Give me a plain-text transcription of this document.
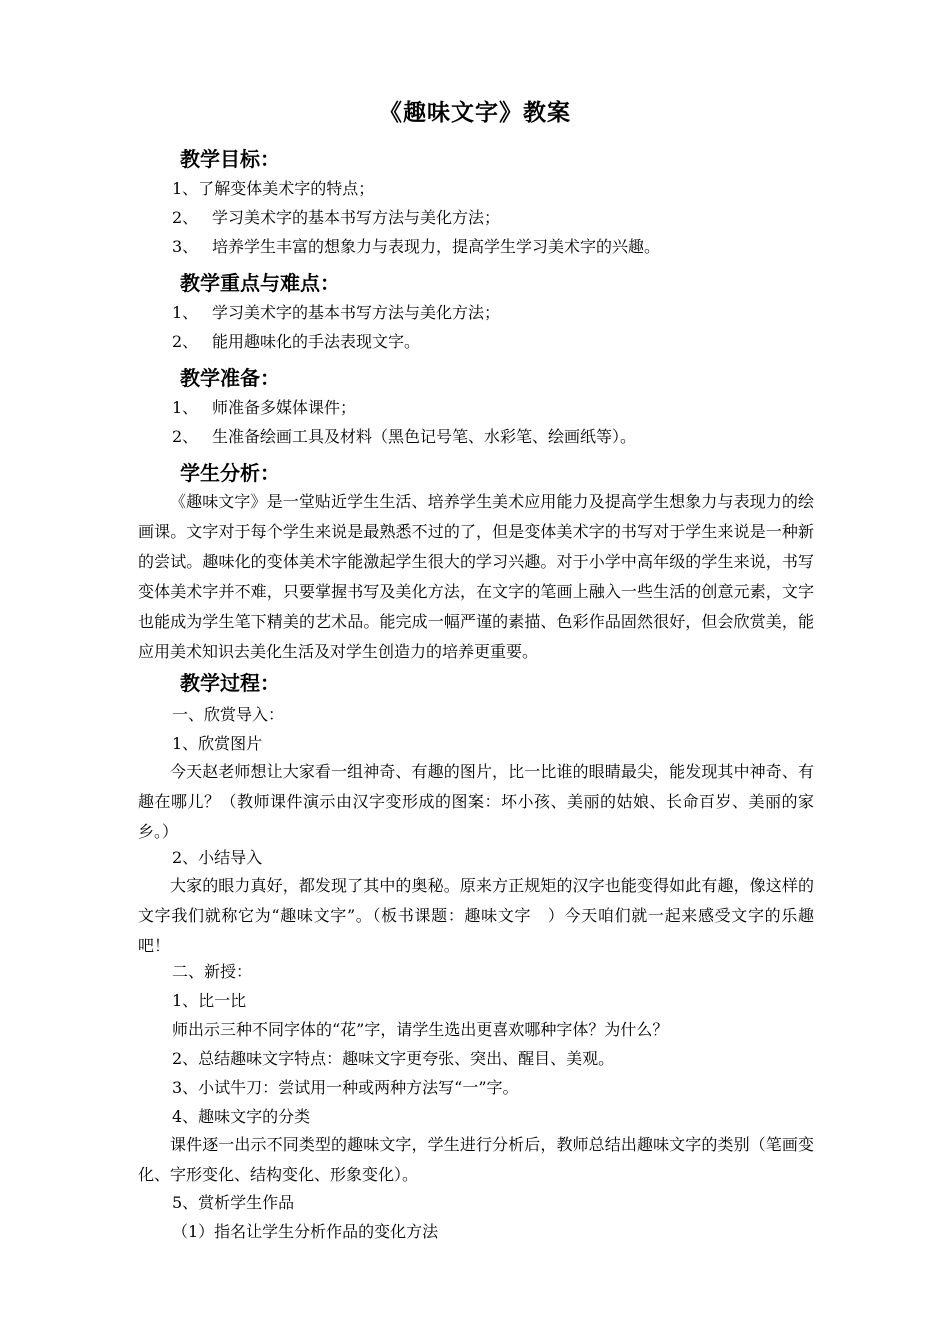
《趣味文字》教案
教学目标：
1、了解变体美术字的特点；
2、 学习美术字的基本书写方法与美化方法；
3、 培养学生丰富的想象力与表现力，提高学生学习美术字的兴趣。
教学重点与难点：
1、 学习美术字的基本书写方法与美化方法；
2、 能用趣味化的手法表现文字。
教学准备：
1、 师准备多媒体课件；
2、 生准备绘画工具及材料（黑色记号笔、水彩笔、绘画纸等）。
学生分析：

《趣味文字》是一堂贴近学生生活、培养学生美术应用能力及提高学生想象力与表现力的绘画课。文字对于每个学生来说是最熟悉不过的了，但是变体美术字的书写对于学生来说是一种新的尝试。趣味化的变体美术字能激起学生很大的学习兴趣。对于小学中高年级的学生来说，书写变体美术字并不难，只要掌握书写及美化方法，在文字的笔画上融入一些生活的创意元素，文字也能成为学生笔下精美的艺术品。能完成一幅严谨的素描、色彩作品固然很好，但会欣赏美，能应用美术知识去美化生活及对学生创造力的培养更重要。

教学过程：
一、欣赏导入：
1、欣赏图片

今天赵老师想让大家看一组神奇、有趣的图片，比一比谁的眼睛最尖，能发现其中神奇、有趣在哪儿？（教师课件演示由汉字变形成的图案：坏小孩、美丽的姑娘、长命百岁、美丽的家乡。）

2、小结导入

大家的眼力真好，都发现了其中的奥秘。原来方正规矩的汉字也能变得如此有趣，像这样的文字我们就称它为“趣味文字”。（板书课题：趣味文字　）今天咱们就一起来感受文字的乐趣吧！

二、新授：
1、比一比
师出示三种不同字体的“花”字，请学生选出更喜欢哪种字体？为什么？
2、总结趣味文字特点：趣味文字更夸张、突出、醒目、美观。
3、小试牛刀：尝试用一种或两种方法写“一”字。
4、趣味文字的分类

课件逐一出示不同类型的趣味文字，学生进行分析后，教师总结出趣味文字的类别（笔画变化、字形变化、结构变化、形象变化）。

5、赏析学生作品
（1）指名让学生分析作品的变化方法
